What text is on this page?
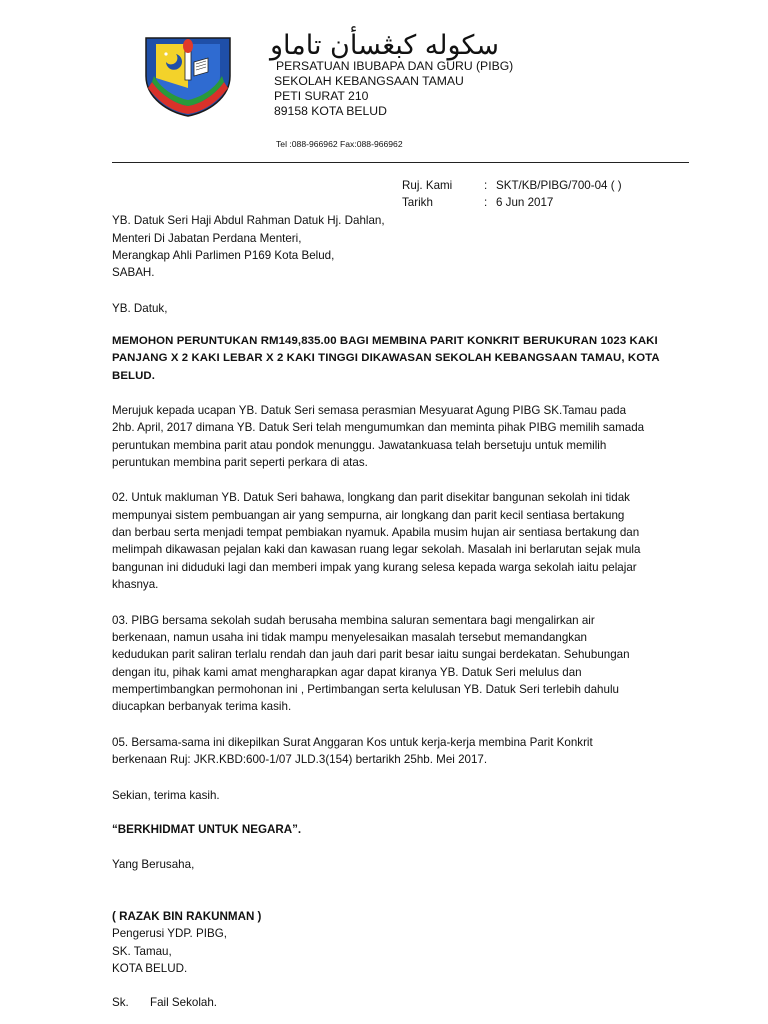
سكوله كبڠسأن تاماو
PERSATUAN IBUBAPA DAN GURU (PIBG)
SEKOLAH KEBANGSAAN TAMAU
PETI SURAT 210
89158 KOTA BELUD
Tel :088-966962 Fax:088-966962
Ruj. Kami	: SKT/KB/PIBG/700-04 ( )
Tarikh	: 6 Jun 2017
YB. Datuk Seri Haji Abdul Rahman Datuk Hj. Dahlan,
Menteri Di Jabatan Perdana Menteri,
Merangkap Ahli Parlimen P169 Kota Belud,
SABAH.
YB. Datuk,
MEMOHON PERUNTUKAN RM149,835.00 BAGI MEMBINA PARIT KONKRIT BERUKURAN 1023 KAKI
PANJANG X 2 KAKI LEBAR X 2 KAKI TINGGI DIKAWASAN SEKOLAH KEBANGSAAN TAMAU, KOTA
BELUD.
Merujuk kepada ucapan YB. Datuk Seri semasa perasmian Mesyuarat Agung PIBG SK.Tamau pada
2hb. April, 2017 dimana YB. Datuk Seri telah mengumumkan dan meminta pihak PIBG memilih samada
peruntukan membina parit atau pondok menunggu. Jawatankuasa telah bersetuju untuk memilih
peruntukan membina parit seperti perkara di atas.
02. Untuk makluman YB. Datuk Seri bahawa, longkang dan parit disekitar bangunan sekolah ini tidak
mempunyai sistem pembuangan air yang sempurna, air longkang dan parit kecil sentiasa bertakung
dan berbau serta menjadi tempat pembiakan nyamuk. Apabila musim hujan air sentiasa bertakung dan
melimpah dikawasan pejalan kaki dan kawasan ruang legar sekolah. Masalah ini berlarutan sejak mula
bangunan ini diduduki lagi dan memberi impak yang kurang selesa kepada warga sekolah iaitu pelajar
khasnya.
03. PIBG bersama sekolah sudah berusaha membina saluran sementara bagi mengalirkan air
berkenaan, namun usaha ini tidak mampu menyelesaikan masalah tersebut memandangkan
kedudukan parit saliran terlalu rendah dan jauh dari parit besar iaitu sungai berdekatan. Sehubungan
dengan itu, pihak kami amat mengharapkan agar dapat kiranya YB. Datuk Seri melulus dan
mempertimbangkan permohonan ini , Pertimbangan serta kelulusan YB. Datuk Seri terlebih dahulu
diucapkan berbanyak terima kasih.
05. Bersama-sama ini dikepilkan Surat Anggaran Kos untuk kerja-kerja membina Parit Konkrit
berkenaan Ruj: JKR.KBD:600-1/07 JLD.3(154) bertarikh 25hb. Mei 2017.
Sekian, terima kasih.
“BERKHIDMAT UNTUK NEGARA”.
Yang Berusaha,
( RAZAK BIN RAKUNMAN )
Pengerusi YDP. PIBG,
SK. Tamau,
KOTA BELUD.
Sk. Fail Sekolah.
